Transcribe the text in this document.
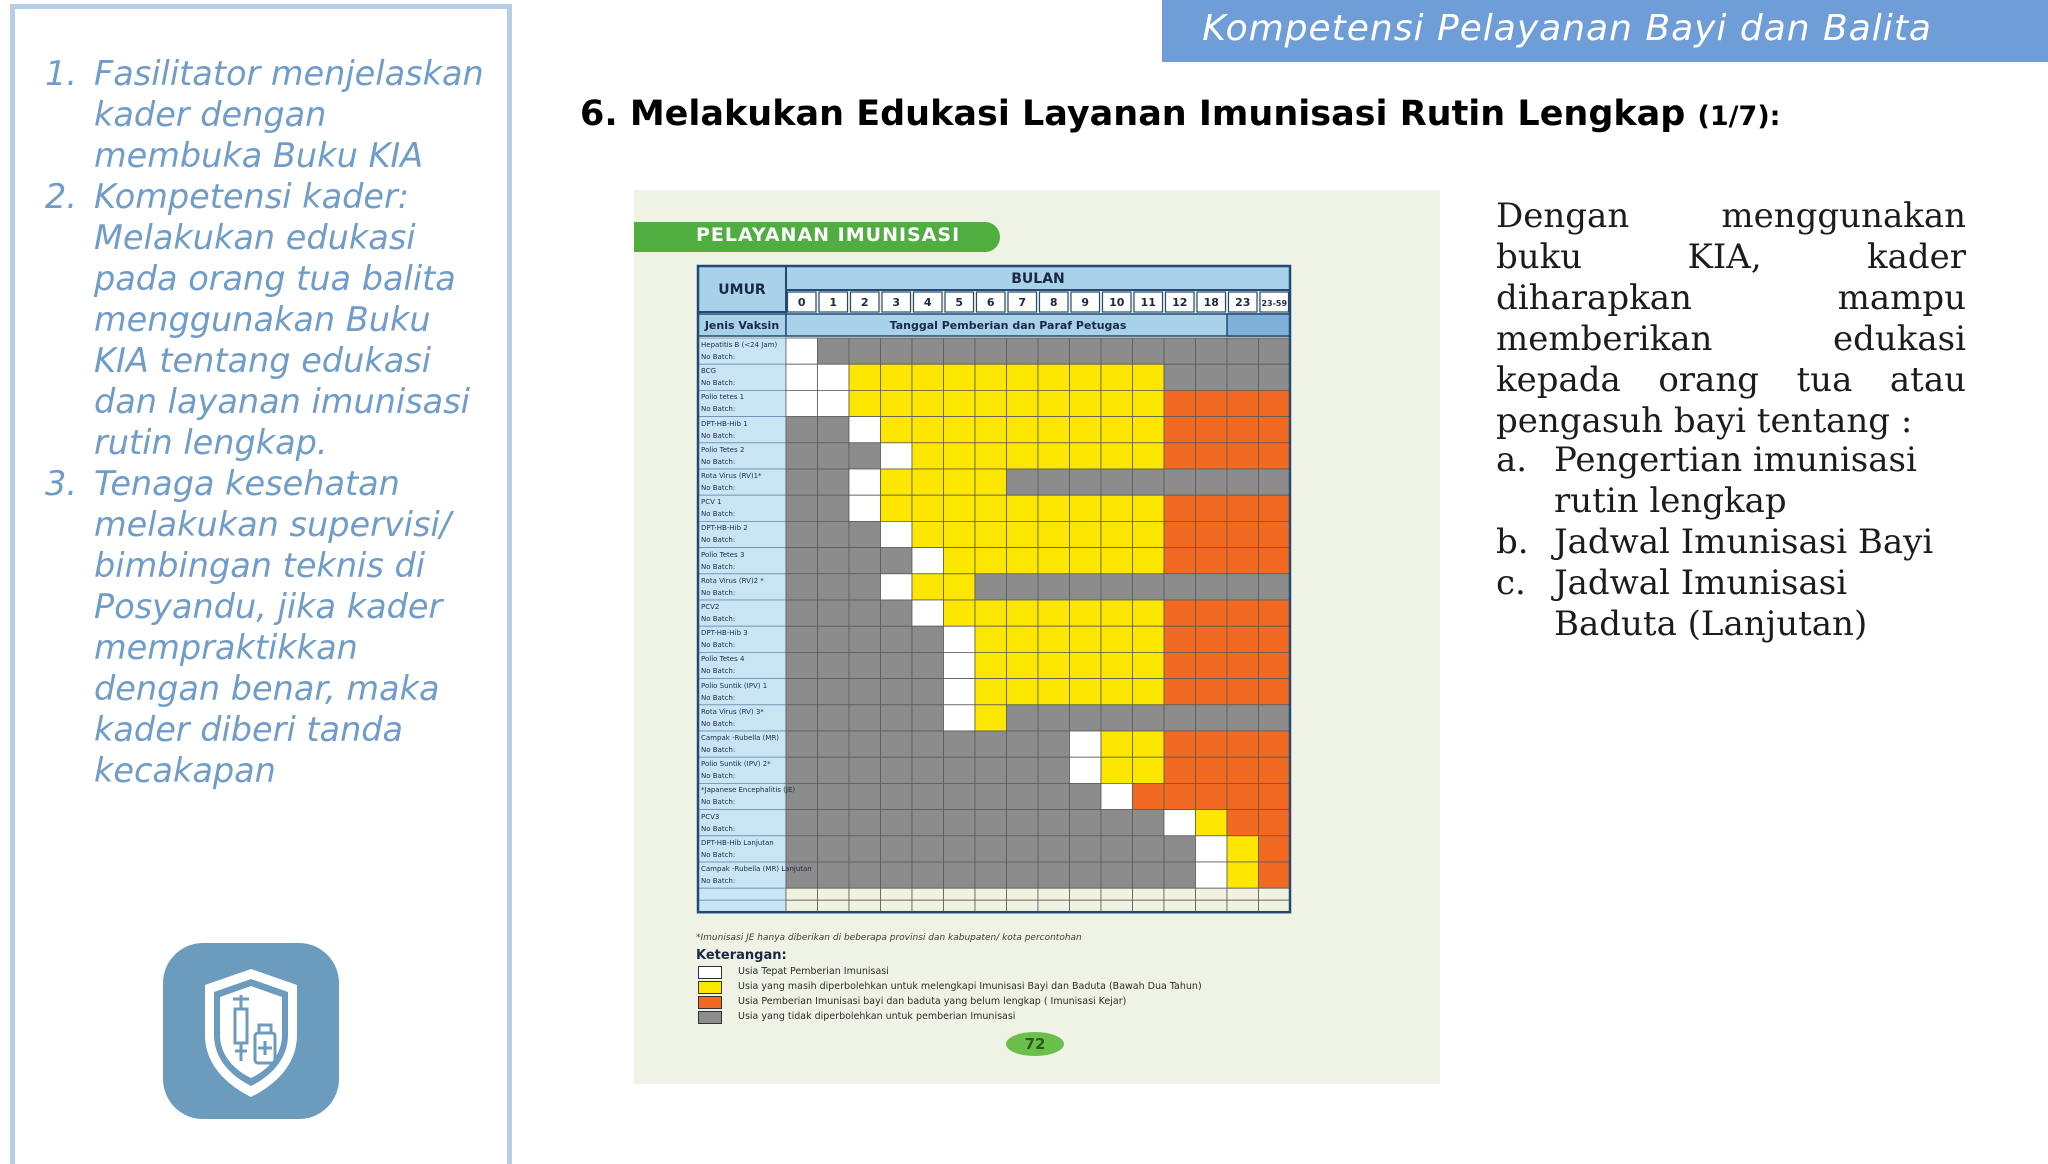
1. Fasilitator menjelaskan kader dengan membuka Buku KIA
2. Kompetensi kader: Melakukan edukasi pada orang tua balita menggunakan Buku KIA tentang edukasi dan layanan imunisasi rutin lengkap.
3. Tenaga kesehatan melakukan supervisi/ bimbingan teknis di Posyandu, jika kader mempraktikkan dengan benar, maka kader diberi tanda kecakapan
Kompetensi Pelayanan Bayi dan Balita
6. Melakukan Edukasi Layanan Imunisasi Rutin Lengkap (1/7):
PELAYANAN IMUNISASI
UMUR
BULAN
0 1 2 3 4 5 6 7 8 9 10 11 12 18 23 23-59
Jenis Vaksin	Tanggal Pemberian dan Paraf Petugas
*Imunisasi JE hanya diberikan di beberapa provinsi dan kabupaten/ kota percontohan
Keterangan:
Usia Tepat Pemberian Imunisasi
Usia yang masih diperbolehkan untuk melengkapi Imunisasi Bayi dan Baduta (Bawah Dua Tahun)
Usia Pemberian Imunisasi bayi dan baduta yang belum lengkap ( Imunisasi Kejar)
Usia yang tidak diperbolehkan untuk pemberian Imunisasi
72
Hepatitis B (<24 Jam)
No Batch:
BCG
No Batch:
Polio tetes 1
No Batch:
DPT-HB-Hib 1
No Batch:
Polio Tetes 2
No Batch:
Rota Virus (RV)1*
No Batch:
PCV 1
No Batch:
DPT-HB-Hib 2
No Batch:
Polio Tetes 3
No Batch:
Rota Virus (RV)2 *
No Batch:
PCV2
No Batch:
DPT-HB-Hib 3
No Batch:
Polio Tetes 4
No Batch:
Polio Suntik (IPV) 1
No Batch:
Rota Virus (RV) 3*
No Batch:
Campak -Rubella (MR)
No Batch:
Polio Suntik (IPV) 2*
No Batch:
*Japanese Encephalitis (JE)
No Batch:
PCV3
No Batch:
DPT-HB-Hib Lanjutan
No Batch:
Campak -Rubella (MR) Lanjutan
No Batch:
Dengan menggunakan buku KIA, kader diharapkan mampu memberikan edukasi kepada orang tua atau pengasuh bayi tentang :
a. Pengertian imunisasi rutin lengkap
b. Jadwal Imunisasi Bayi
c. Jadwal Imunisasi Baduta (Lanjutan)
